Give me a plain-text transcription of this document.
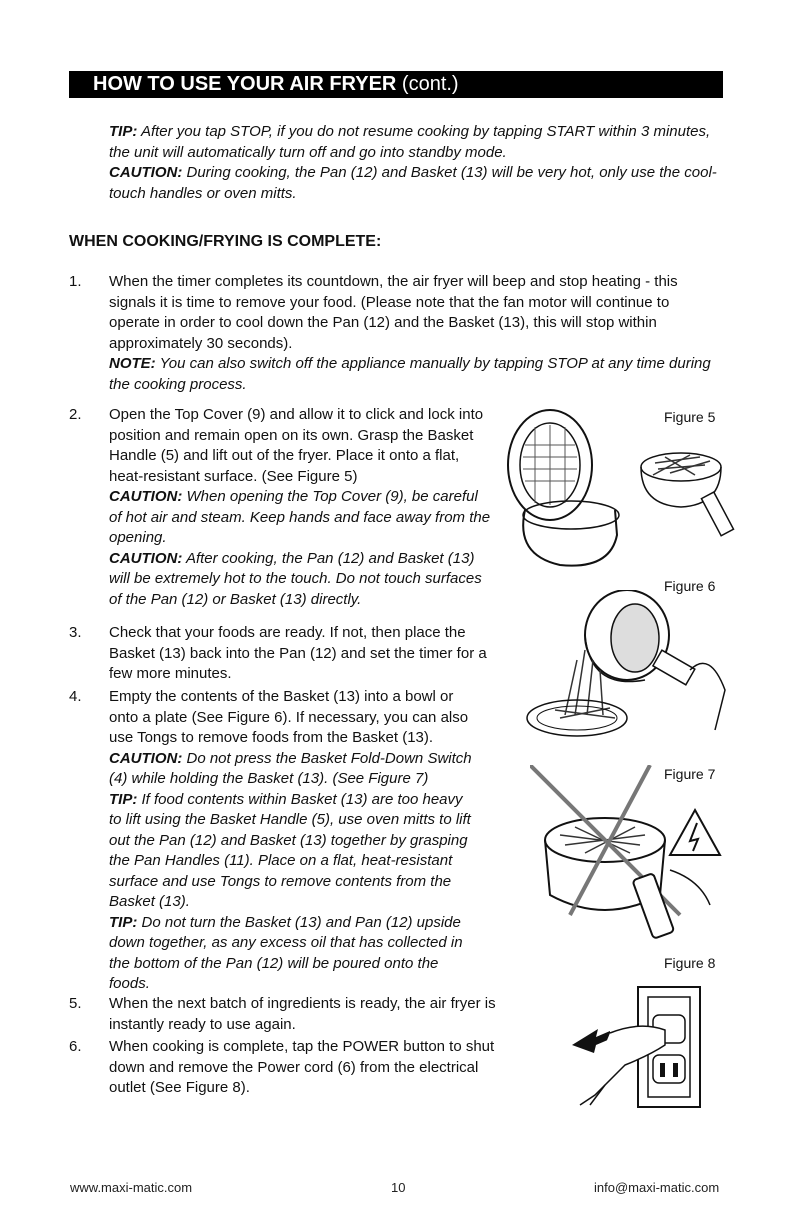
HOW TO USE YOUR AIR FRYER (cont.)
TIP: After you tap STOP, if you do not resume cooking by tapping START within 3 minutes, the unit will automatically turn off and go into standby mode.
CAUTION: During cooking, the Pan (12) and Basket (13) will be very hot, only use the cool-touch handles or oven mitts.
WHEN COOKING/FRYING IS COMPLETE:
1.	When the timer completes its countdown, the air fryer will beep and stop heating - this signals it is time to remove your food. (Please note that the fan motor will continue to operate in order to cool down the Pan (12) and the Basket (13), this will stop within approximately 30 seconds).
NOTE: You can also switch off the appliance manually by tapping STOP at any time during the cooking process.
2.	Open the Top Cover (9) and allow it to click and lock into position and remain open on its own. Grasp the Basket Handle (5) and lift out of the fryer. Place it onto a flat, heat-resistant surface. (See Figure 5)
CAUTION: When opening the Top Cover (9), be careful of hot air and steam. Keep hands and face away from the opening.
CAUTION: After cooking, the Pan (12) and Basket (13) will be extremely hot to the touch. Do not touch surfaces of the Pan (12) or Basket (13) directly.
3.	Check that your foods are ready. If not, then place the Basket (13) back into the Pan (12) and set the timer for a few more minutes.
4.	Empty the contents of the Basket (13) into a bowl or onto a plate (See Figure 6). If necessary, you can also use Tongs to remove foods from the Basket (13).
CAUTION: Do not press the Basket Fold-Down Switch (4) while holding the Basket (13). (See Figure 7)
TIP: If food contents within Basket (13) are too heavy to lift using the Basket Handle (5), use oven mitts to lift out the Pan (12) and Basket (13) together by grasping the Pan Handles (11). Place on a flat, heat-resistant surface and use Tongs to remove contents from the Basket (13).
TIP: Do not turn the Basket (13) and Pan (12) upside down together, as any excess oil that has collected in the bottom of the Pan (12) will be poured onto the foods.
5.	When the next batch of ingredients is ready, the air fryer is instantly ready to use again.
6.	When cooking is complete, tap the POWER button to shut down and remove the Power cord (6) from the electrical outlet (See Figure 8).
Figure 5
Figure 6
Figure 7
Figure 8
www.maxi-matic.com	10	info@maxi-matic.com
